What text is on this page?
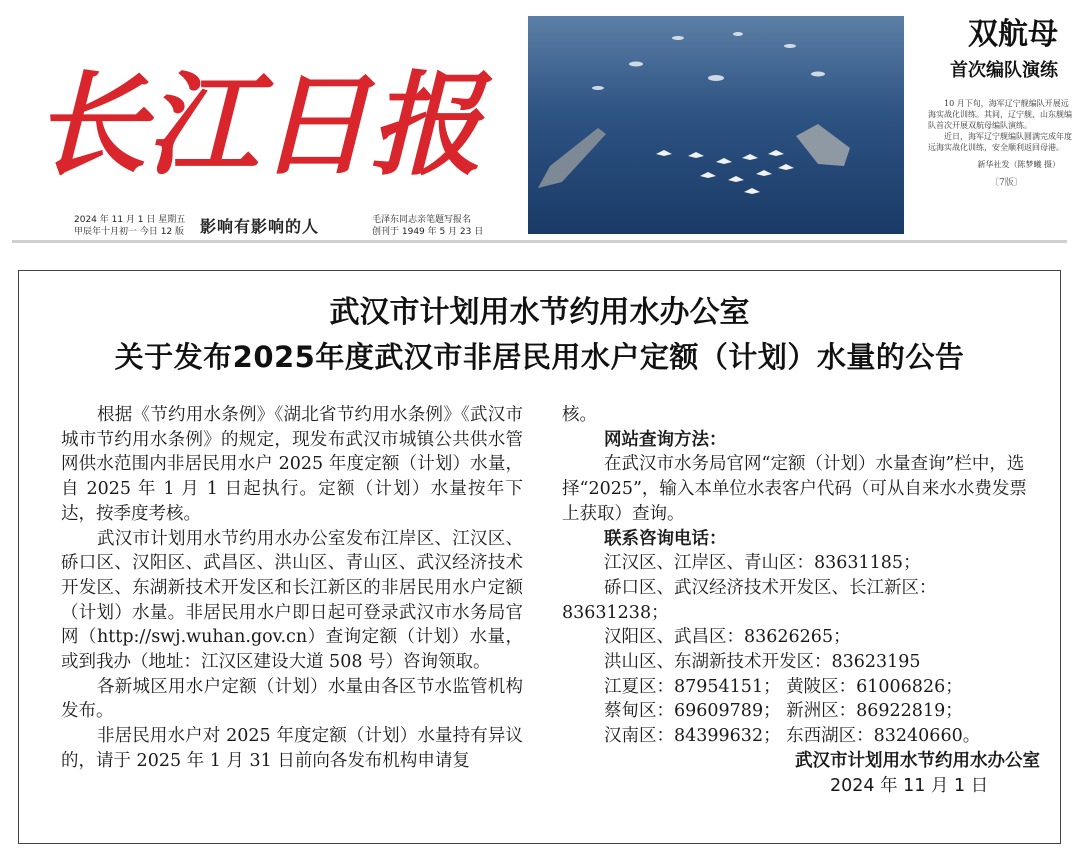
长江日报
2024 年 11 月 1 日 星期五
甲辰年十月初一 今日 12 版 影响有影响的人	毛泽东同志亲笔题写报名
创刊于 1949 年 5 月 23 日
双航母
首次编队演练

10 月下旬，海军辽宁舰编队开展远海实战化训练。其间，辽宁舰、山东舰编队首次开展双航母编队演练。

近日，海军辽宁舰编队圆满完成年度远海实战化训练，安全顺利返回母港。

新华社发（陈梦曦 摄）
〔7版〕
武汉市计划用水节约用水办公室
关于发布2025年度武汉市非居民用水户定额（计划）水量的公告

根据《节约用水条例》《湖北省节约用水条例》《武汉市城市节约用水条例》的规定，现发布武汉市城镇公共供水管网供水范围内非居民用水户 2025 年度定额（计划）水量，自 2025 年 1 月 1 日起执行。定额（计划）水量按年下达，按季度考核。

武汉市计划用水节约用水办公室发布江岸区、江汉区、硚口区、汉阳区、武昌区、洪山区、青山区、武汉经济技术开发区、东湖新技术开发区和长江新区的非居民用水户定额（计划）水量。非居民用水户即日起可登录武汉市水务局官网（http://swj.wuhan.gov.cn）查询定额（计划）水量，或到我办（地址：江汉区建设大道 508 号）咨询领取。

各新城区用水户定额（计划）水量由各区节水监管机构发布。

非居民用水户对 2025 年度定额（计划）水量持有异议的，请于 2025 年 1 月 31 日前向各发布机构申请复

核。

网站查询方法：

在武汉市水务局官网“定额（计划）水量查询”栏中，选择“2025”，输入本单位水表客户代码（可从自来水水费发票上获取）查询。

联系咨询电话：

江汉区、江岸区、青山区：83631185；

硚口区、武汉经济技术开发区、长江新区：83631238；

汉阳区、武昌区：83626265；

洪山区、东湖新技术开发区：83623195

江夏区：87954151； 黄陂区：61006826；

蔡甸区：69609789； 新洲区：86922819；

汉南区：84399632； 东西湖区：83240660。

武汉市计划用水节约用水办公室

2024 年 11 月 1 日
